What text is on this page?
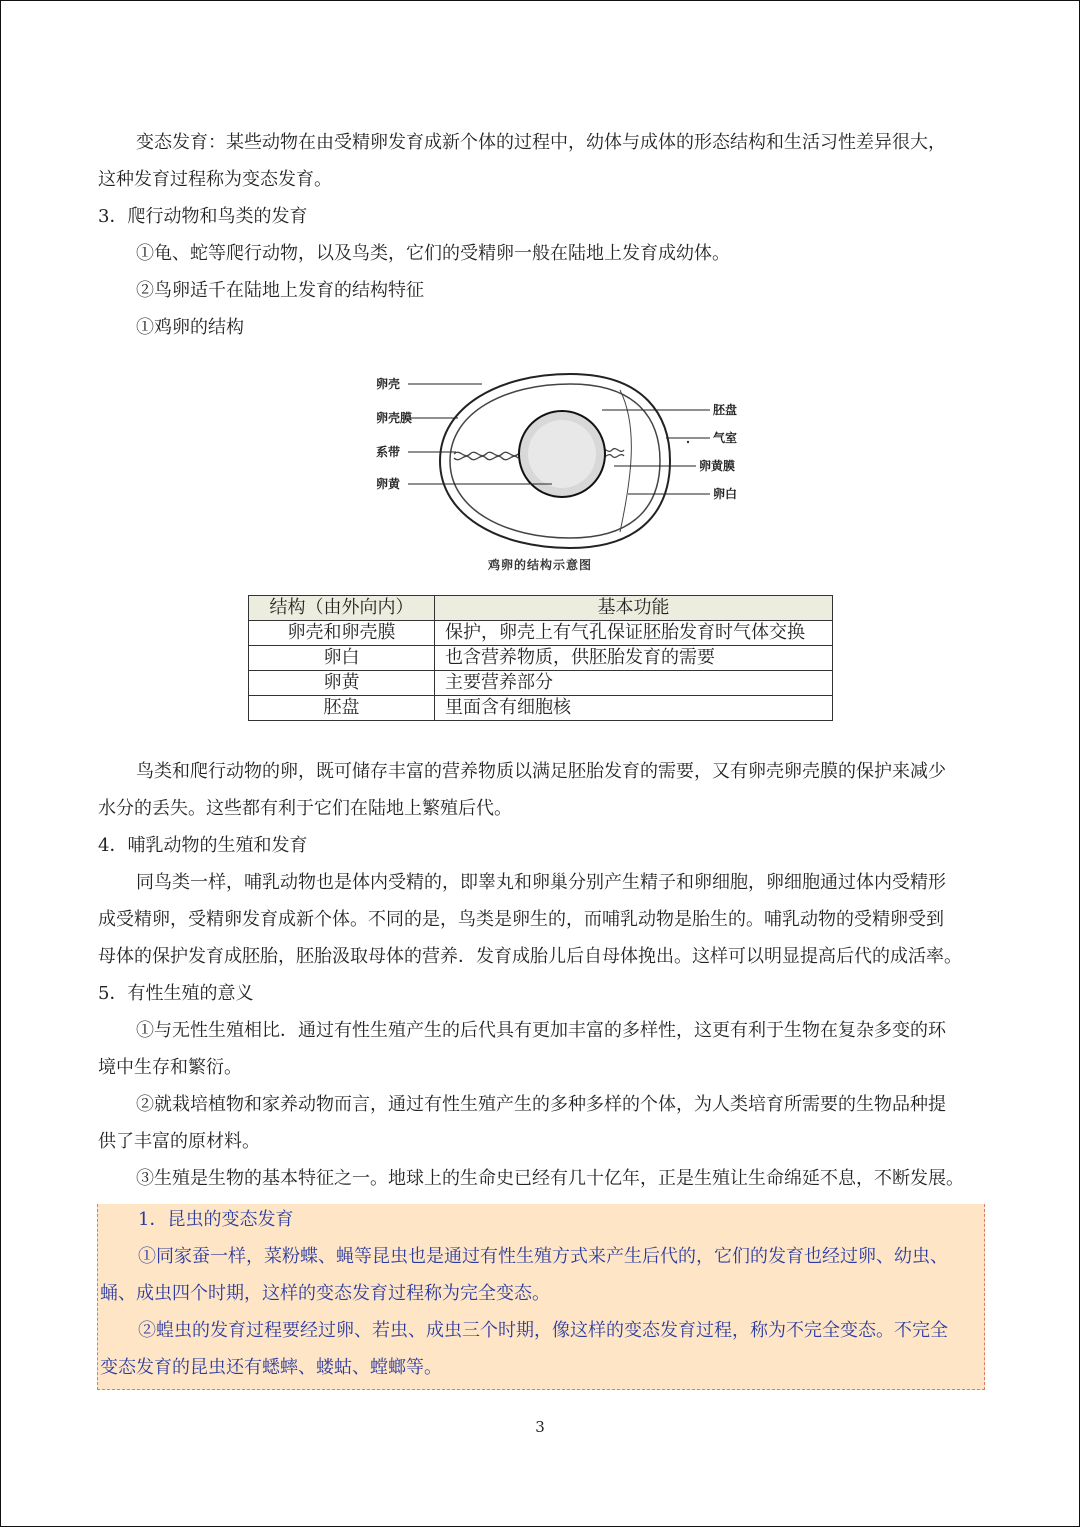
变态发育：某些动物在由受精卵发育成新个体的过程中，幼体与成体的形态结构和生活习性差异很大，
这种发育过程称为变态发育。
3．爬行动物和鸟类的发育
①龟、蛇等爬行动物，以及鸟类，它们的受精卵一般在陆地上发育成幼体。
②鸟卵适千在陆地上发育的结构特征
①鸡卵的结构
卵壳
卵壳膜
系带
卵黄
胚盘
气室
卵黄膜
卵白
鸡卵的结构示意图
结构（由外向内）	基本功能
卵壳和卵壳膜	保护，卵壳上有气孔保证胚胎发育时气体交换
卵白	也含营养物质，供胚胎发育的需要
卵黄	主要营养部分
胚盘	里面含有细胞核
鸟类和爬行动物的卵，既可储存丰富的营养物质以满足胚胎发育的需要，又有卵壳卵壳膜的保护来减少
水分的丢失。这些都有利于它们在陆地上繁殖后代。
4．哺乳动物的生殖和发育
同鸟类一样，哺乳动物也是体内受精的，即睾丸和卵巢分别产生精子和卵细胞，卵细胞通过体内受精形
成受精卵，受精卵发育成新个体。不同的是，鸟类是卵生的，而哺乳动物是胎生的。哺乳动物的受精卵受到
母体的保护发育成胚胎，胚胎汲取母体的营养．发育成胎儿后自母体挽出。这样可以明显提高后代的成活率。
5．有性生殖的意义
①与无性生殖相比．通过有性生殖产生的后代具有更加丰富的多样性，这更有利于生物在复杂多变的环
境中生存和繁衍。
②就栽培植物和家养动物而言，通过有性生殖产生的多种多样的个体，为人类培育所需要的生物品种提
供了丰富的原材料。
③生殖是生物的基本特征之一。地球上的生命史已经有几十亿年，正是生殖让生命绵延不息，不断发展。
1．昆虫的变态发育
①同家蚕一样，菜粉蝶、蝇等昆虫也是通过有性生殖方式来产生后代的，它们的发育也经过卵、幼虫、
蛹、成虫四个时期，这样的变态发育过程称为完全变态。
②蝗虫的发育过程要经过卵、若虫、成虫三个时期，像这样的变态发育过程，称为不完全变态。不完全
变态发育的昆虫还有蟋蟀、蝼蛄、螳螂等。
3
